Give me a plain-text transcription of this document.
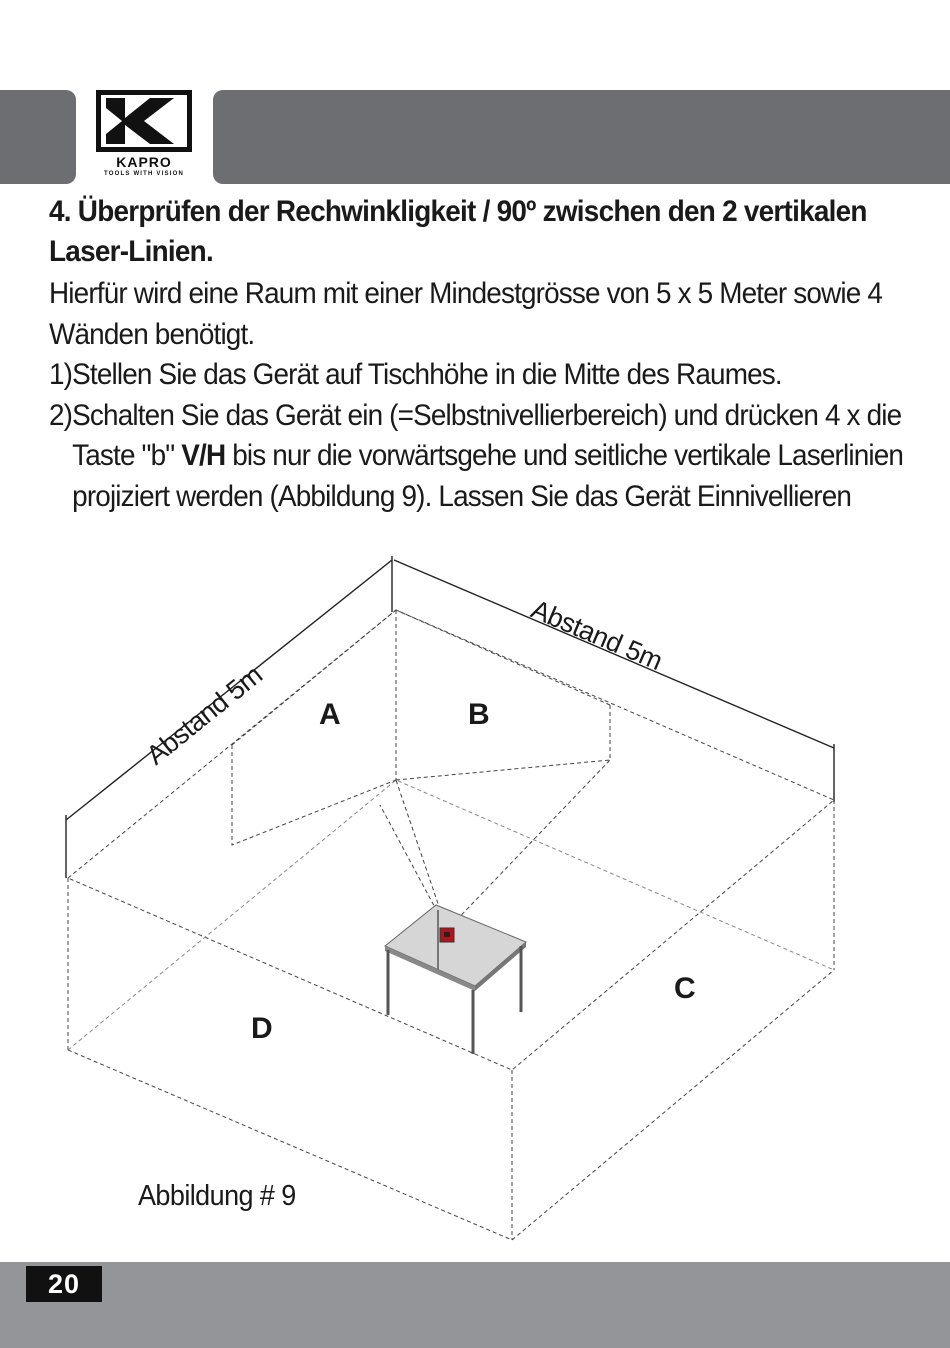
KAPRO
TOOLS WITH VISION
4. Überprüfen der Rechwinkligkeit / 90º zwischen den 2 vertikalen Laser-Linien.
Hierfür wird eine Raum mit einer Mindestgrösse von 5 x 5 Meter sowie 4 Wänden benötigt.
1) Stellen Sie das Gerät auf Tischhöhe in die Mitte des Raumes.
2) Schalten Sie das Gerät ein (=Selbstnivellierbereich) und drücken 4 x die Taste "b" V/H bis nur die vorwärtsgehe und seitliche vertikale Laserlinien projiziert werden (Abbildung 9). Lassen Sie das Gerät Einnivellieren
Abstand 5m
Abstand 5m
A	B
C
D
Abbildung # 9
20
